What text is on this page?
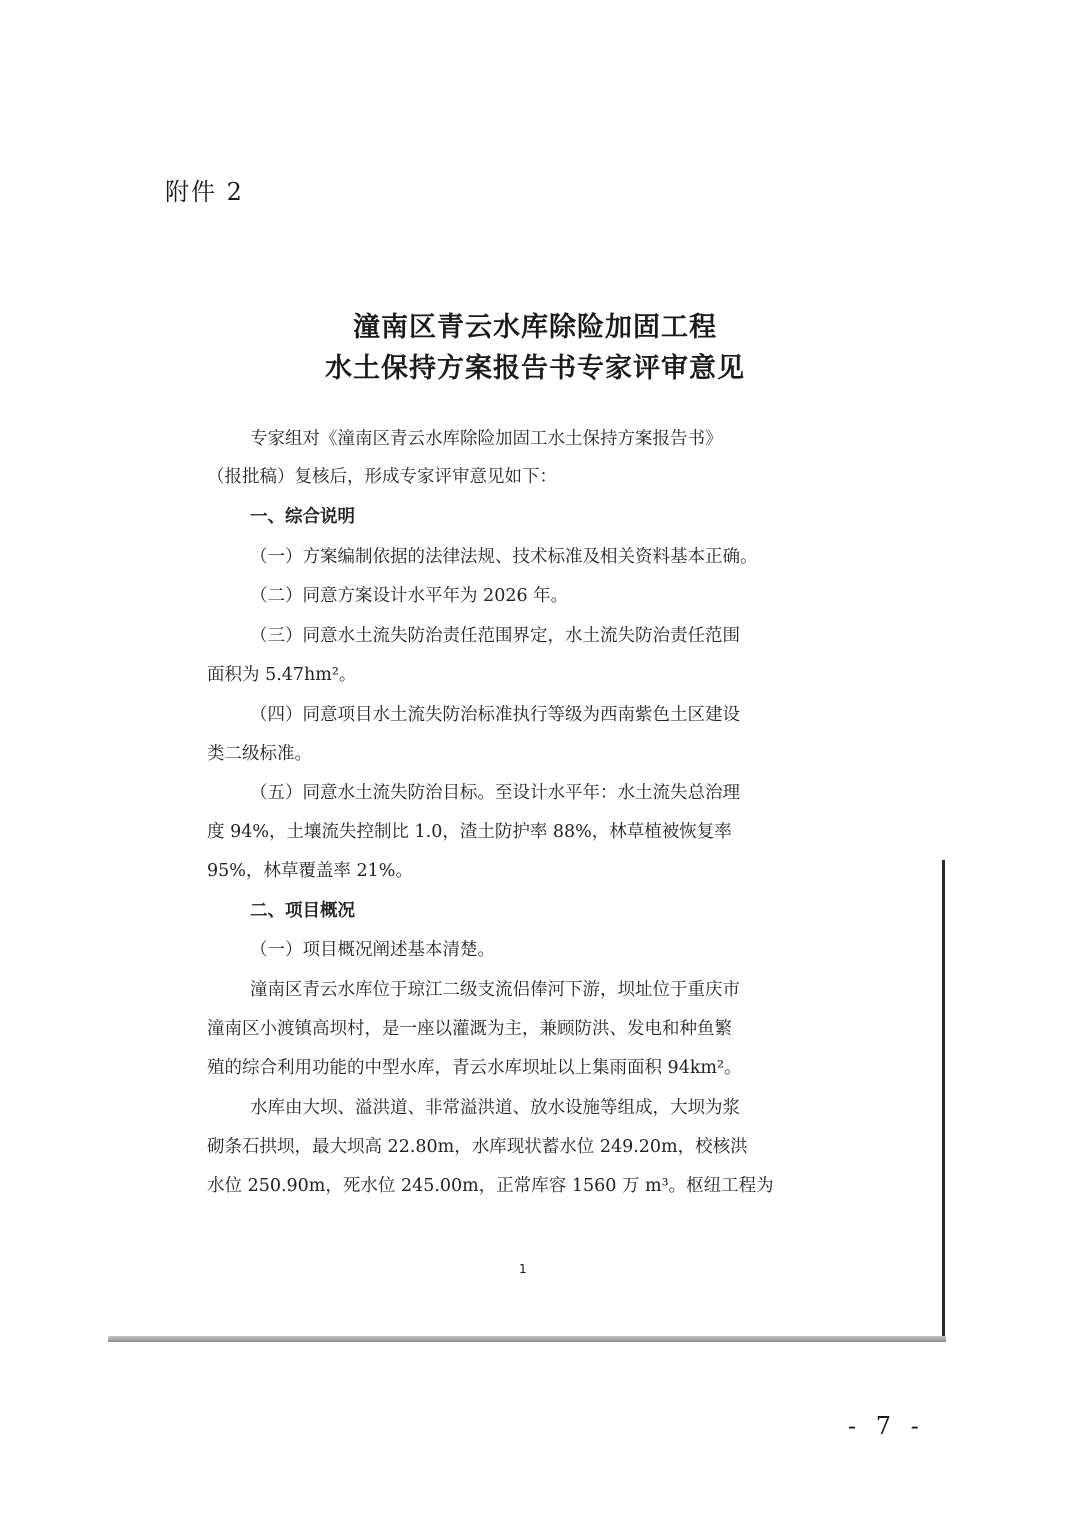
附件 2
潼南区青云水库除险加固工程
水土保持方案报告书专家评审意见
专家组对《潼南区青云水库除险加固工水土保持方案报告书》
（报批稿）复核后，形成专家评审意见如下：
一、综合说明
（一）方案编制依据的法律法规、技术标准及相关资料基本正确。
（二）同意方案设计水平年为 2026 年。
（三）同意水土流失防治责任范围界定，水土流失防治责任范围
面积为 5.47hm²。
（四）同意项目水土流失防治标准执行等级为西南紫色土区建设
类二级标准。
（五）同意水土流失防治目标。至设计水平年：水土流失总治理
度 94%，土壤流失控制比 1.0，渣土防护率 88%，林草植被恢复率
95%，林草覆盖率 21%。
二、项目概况
（一）项目概况阐述基本清楚。
潼南区青云水库位于琼江二级支流侣俸河下游，坝址位于重庆市
潼南区小渡镇高坝村，是一座以灌溉为主，兼顾防洪、发电和种鱼繁
殖的综合利用功能的中型水库，青云水库坝址以上集雨面积 94km²。
水库由大坝、溢洪道、非常溢洪道、放水设施等组成，大坝为浆
砌条石拱坝，最大坝高 22.80m，水库现状蓄水位 249.20m，校核洪
水位 250.90m，死水位 245.00m，正常库容 1560 万 m³。枢纽工程为
1
- 7 -
